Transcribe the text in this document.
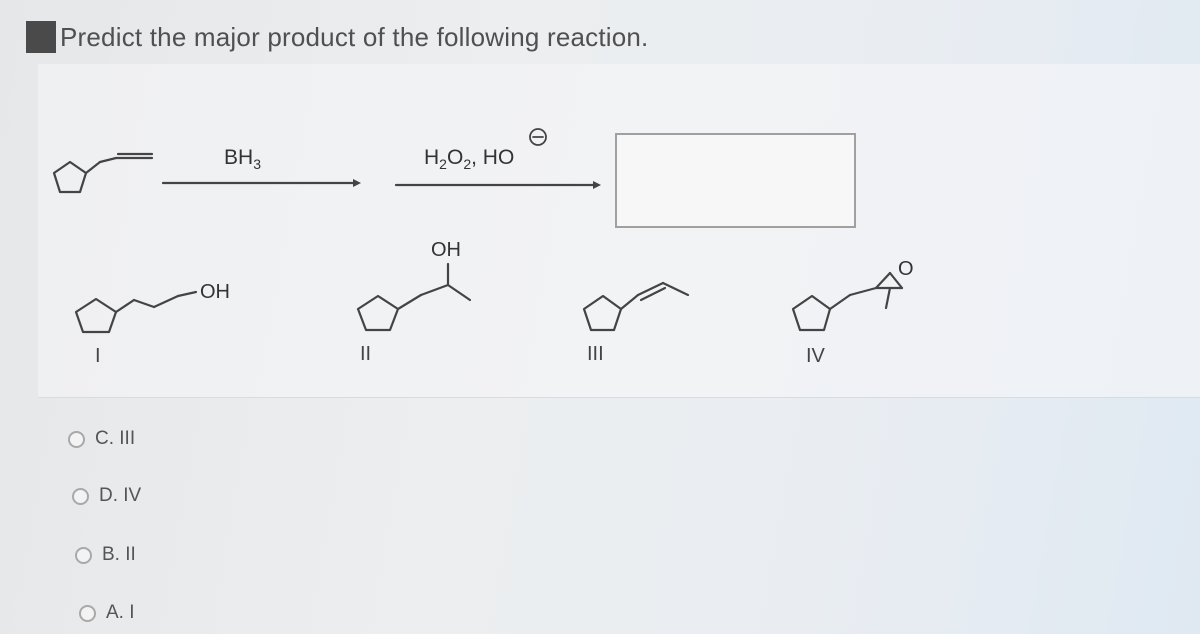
Predict the major product of the following reaction.
$BH_3$	$H_2O_2$, HO
OH
OH
O
I	II	III	IV
C. III
D. IV
B. II
A. I
